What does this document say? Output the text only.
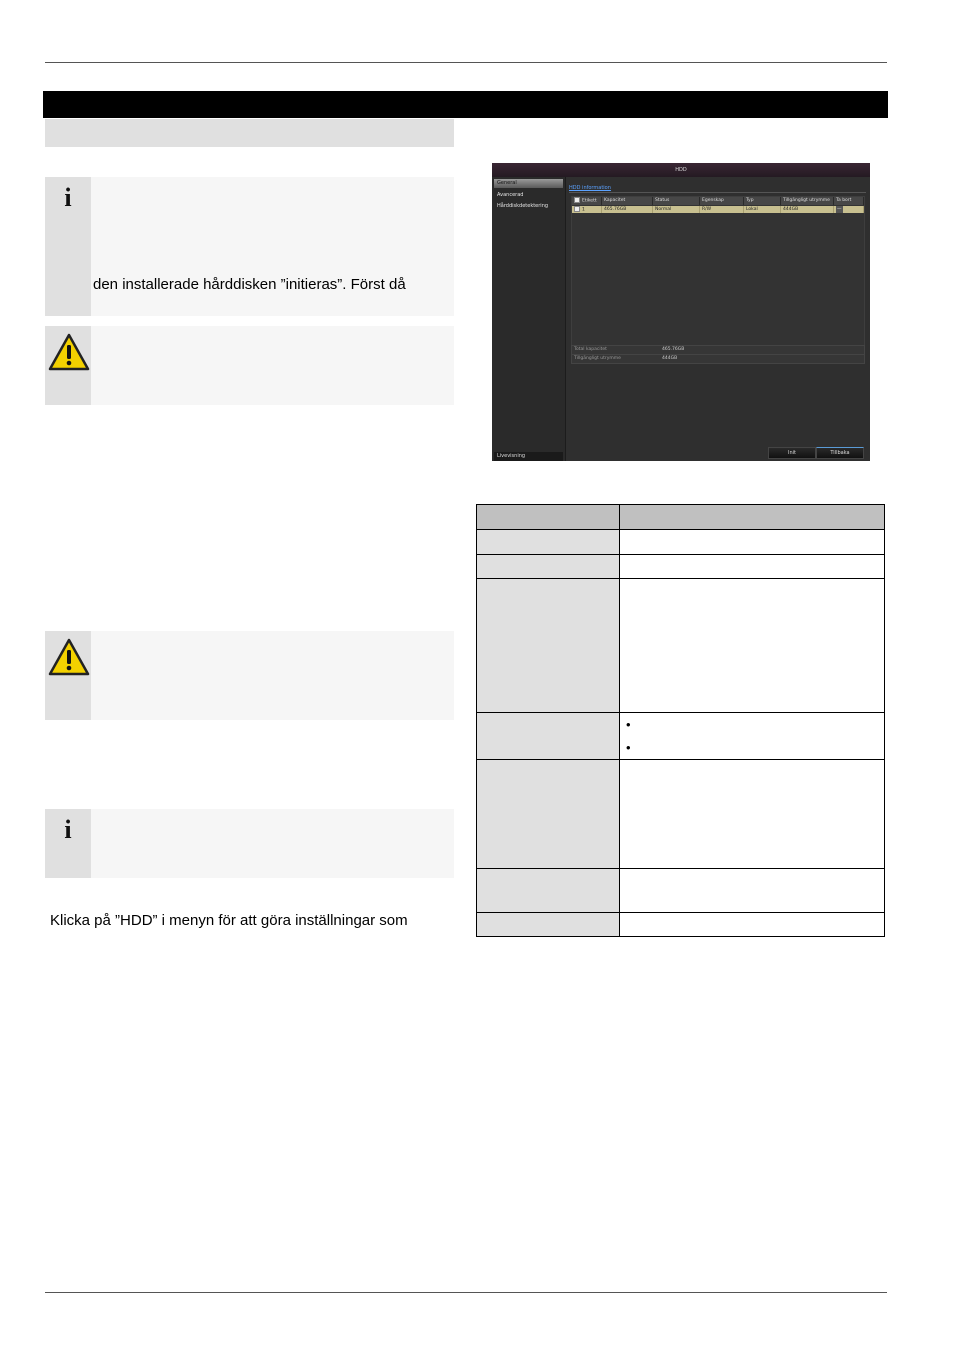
i
den installerade hårddisken ”initieras”. Först då
i
Klicka på ”HDD” i menyn för att göra inställningar som
HDD
General
Avancerad
Hårddiskdetektering
Livevisning
HDD information
Etikett	Kapacitet	Status	Egenskap	Typ	Tillgängligt utrymme	Ta bort
1	465.76GB	Normal	R/W	Lokal	444GB	—
Total kapacitet	465.76GB
Tillgängligt utrymme	444GB
Init	Tillbaka

	•
•
